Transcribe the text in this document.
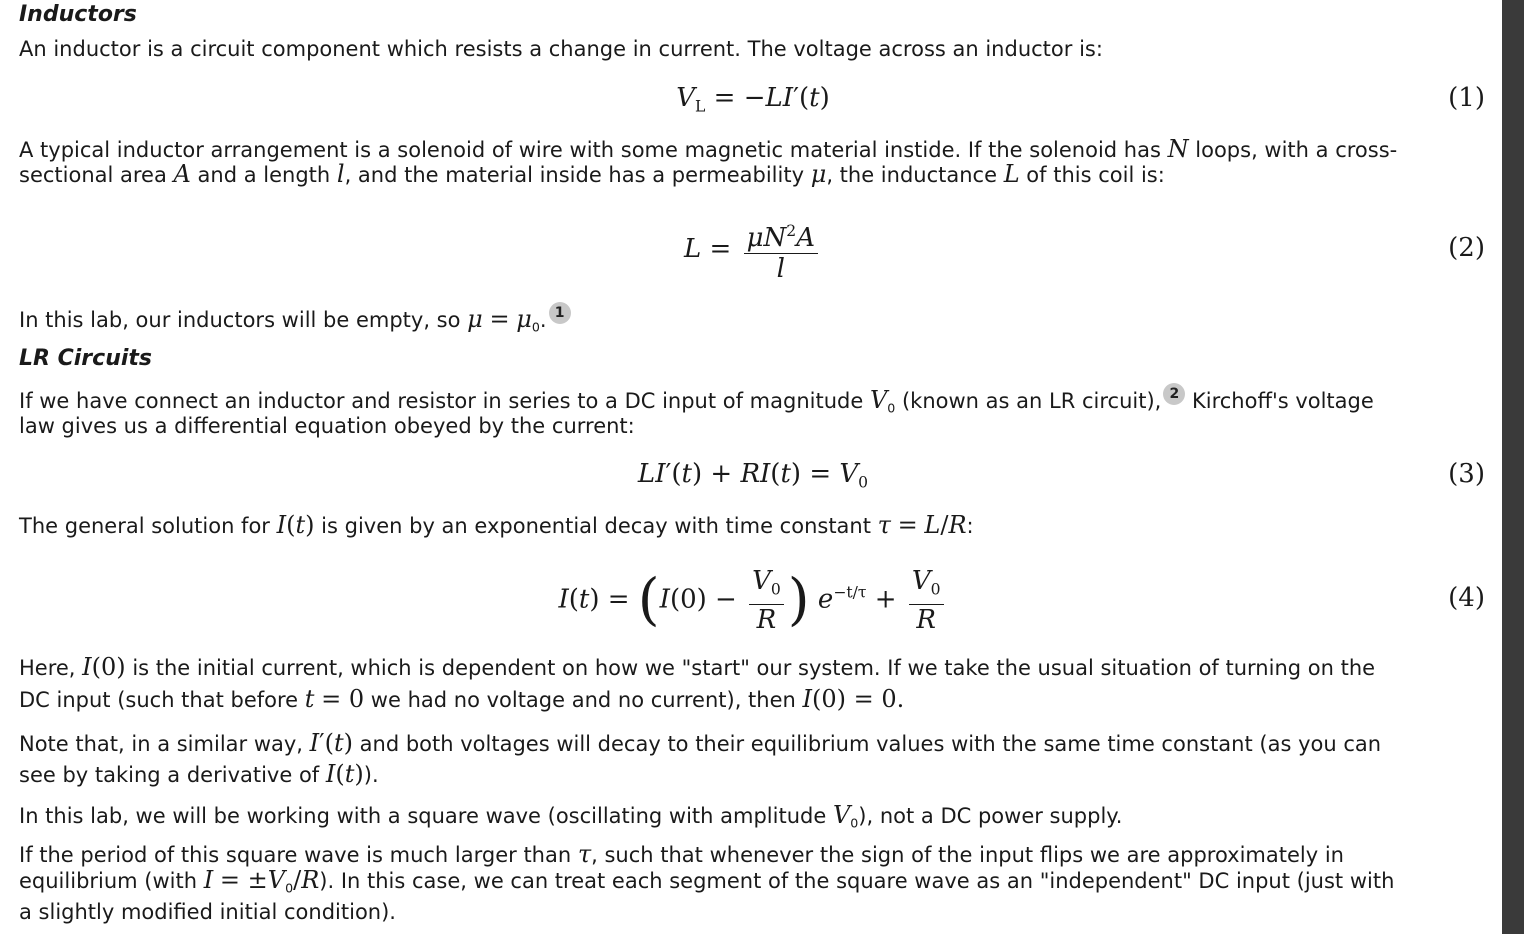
Inductors
An inductor is a circuit component which resists a change in current. The voltage across an inductor is:
$V_L = -LI'(t)$	(1)
A typical inductor arrangement is a solenoid of wire with some magnetic material instide. If the solenoid has N loops, with a cross-
sectional area A and a length l, and the material inside has a permeability μ, the inductance L of this coil is:
$L = \frac{\mu N^2A}{l}$	(2)
In this lab, our inductors will be empty, so $\mu = \mu_0$. 1
LR Circuits
If we have connect an inductor and resistor in series to a DC input of magnitude $V_0$ (known as an LR circuit), 2 Kirchoff's voltage
law gives us a differential equation obeyed by the current:
$LI'(t) + RI(t) = V_0$	(3)
The general solution for I(t) is given by an exponential decay with time constant τ = L/R:
$I(t) = (I(0) - \frac{V_0}{R}$ ) $e^{-t/\tau} + \frac{V_0}{R}$	(4)
Here, I(0) is the initial current, which is dependent on how we "start" our system. If we take the usual situation of turning on the
DC input (such that before t = 0 we had no voltage and no current), then I(0) = 0.
Note that, in a similar way, I′(t) and both voltages will decay to their equilibrium values with the same time constant (as you can
see by taking a derivative of I(t)).
In this lab, we will be working with a square wave (oscillating with amplitude $V_0$), not a DC power supply.
If the period of this square wave is much larger than τ, such that whenever the sign of the input flips we are approximately in
equilibrium (with $I = \pm V_0/R$). In this case, we can treat each segment of the square wave as an "independent" DC input (just with
a slightly modified initial condition).
